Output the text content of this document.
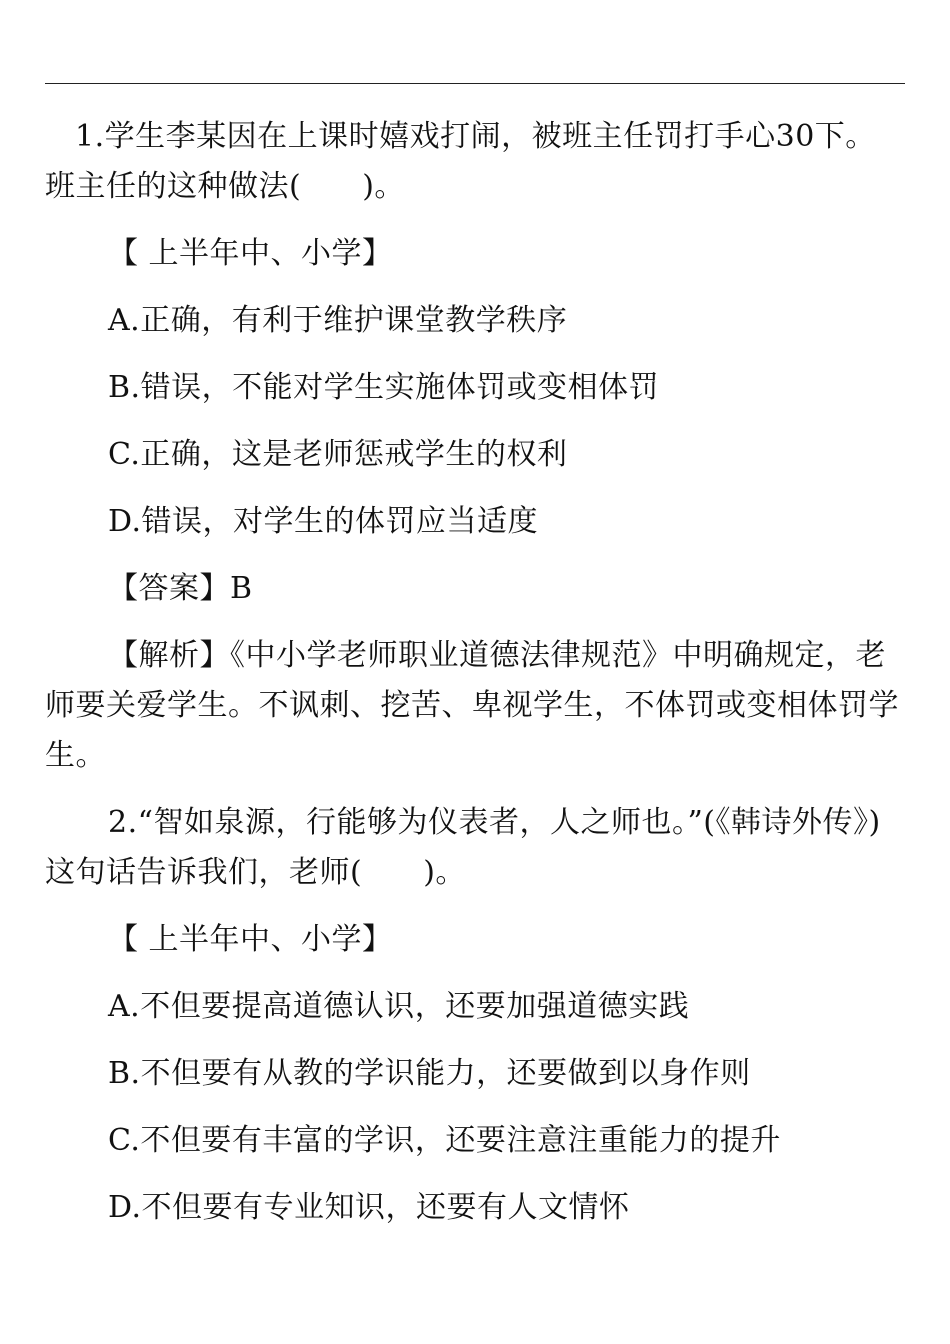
1.学生李某因在上课时嬉戏打闹，被班主任罚打手心30下。班主任的这种做法(　　)。
【 上半年中、小学】
A.正确，有利于维护课堂教学秩序
B.错误，不能对学生实施体罚或变相体罚
C.正确，这是老师惩戒学生的权利
D.错误，对学生的体罚应当适度
【答案】B
【解析】《中小学老师职业道德法律规范》中明确规定，老师要关爱学生。不讽刺、挖苦、卑视学生，不体罚或变相体罚学生。
2.“智如泉源，行能够为仪表者，人之师也。”(《韩诗外传》)这句话告诉我们，老师(　　)。
【 上半年中、小学】
A.不但要提高道德认识，还要加强道德实践
B.不但要有从教的学识能力，还要做到以身作则
C.不但要有丰富的学识，还要注意注重能力的提升
D.不但要有专业知识，还要有人文情怀
